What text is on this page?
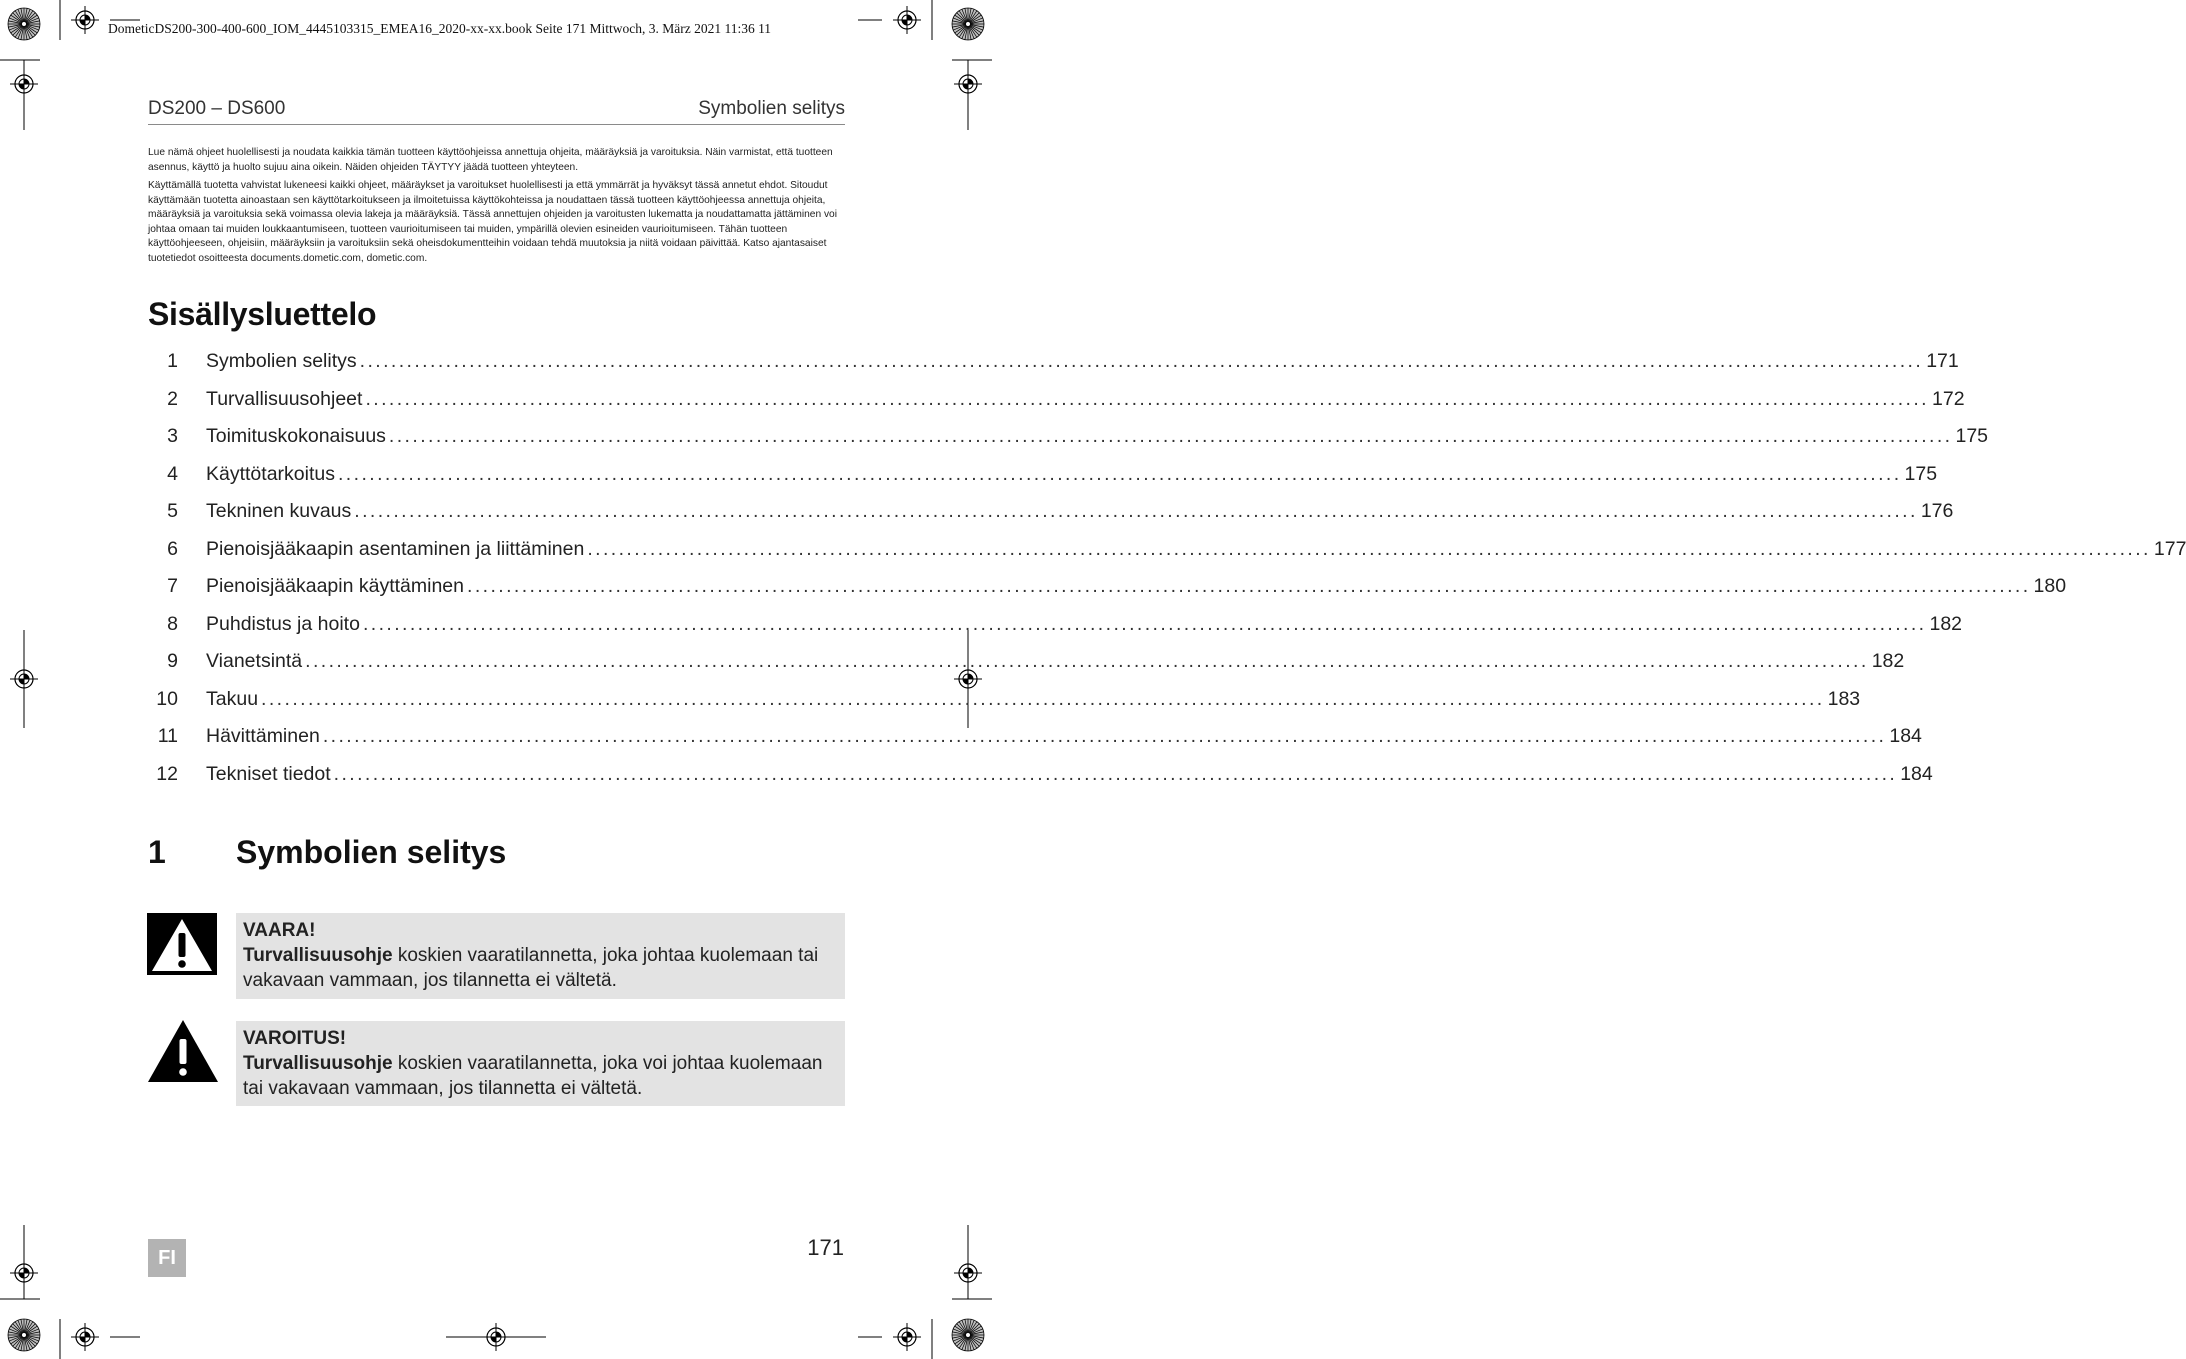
DometicDS200-300-400-600_IOM_4445103315_EMEA16_2020-xx-xx.book Seite 171 Mittwoch, 3. März 2021 11:36 11
DS200 – DS600	Symbolien selitys
Lue nämä ohjeet huolellisesti ja noudata kaikkia tämän tuotteen käyttöohjeissa annettuja ohjeita, määräyksiä ja varoituksia. Näin varmistat, että tuotteen asennus, käyttö ja huolto sujuu aina oikein. Näiden ohjeiden TÄYTYY jäädä tuotteen yhteyteen.
Käyttämällä tuotetta vahvistat lukeneesi kaikki ohjeet, määräykset ja varoitukset huolellisesti ja että ymmärrät ja hyväksyt tässä annetut ehdot. Sitoudut käyttämään tuotetta ainoastaan sen käyttötarkoitukseen ja ilmoitetuissa käyttökohteissa ja noudattaen tässä tuotteen käyttöohjeessa annettuja ohjeita, määräyksiä ja varoituksia sekä voimassa olevia lakeja ja määräyksiä. Tässä annettujen ohjeiden ja varoitusten lukematta ja noudattamatta jättäminen voi johtaa omaan tai muiden loukkaantumiseen, tuotteen vaurioitumiseen tai muiden, ympärillä olevien esineiden vaurioitumiseen. Tähän tuotteen käyttöohjeeseen, ohjeisiin, määräyksiin ja varoituksiin sekä oheisdokumentteihin voidaan tehdä muutoksia ja niitä voidaan päivittää. Katso ajantasaiset tuotetiedot osoitteesta documents.dometic.com, dometic.com.
Sisällysluettelo
1 Symbolien selitys ........................................................................................................................................................................................................ 171
2 Turvallisuusohjeet ........................................................................................................................................................................................................ 172
3 Toimituskokonaisuus ........................................................................................................................................................................................................ 175
4 Käyttötarkoitus ........................................................................................................................................................................................................ 175
5 Tekninen kuvaus ........................................................................................................................................................................................................ 176
6 Pienoisjääkaapin asentaminen ja liittäminen ........................................................................................................................................................................................................ 177
7 Pienoisjääkaapin käyttäminen ........................................................................................................................................................................................................ 180
8 Puhdistus ja hoito ........................................................................................................................................................................................................ 182
9 Vianetsintä ........................................................................................................................................................................................................ 182
10 Takuu ........................................................................................................................................................................................................ 183
11 Hävittäminen ........................................................................................................................................................................................................ 184
12 Tekniset tiedot ........................................................................................................................................................................................................ 184
1 Symbolien selitys
VAARA!
Turvallisuusohje koskien vaaratilannetta, joka johtaa kuolemaan tai vakavaan vammaan, jos tilannetta ei vältetä.
VAROITUS!
Turvallisuusohje koskien vaaratilannetta, joka voi johtaa kuolemaan tai vakavaan vammaan, jos tilannetta ei vältetä.
FI	171
